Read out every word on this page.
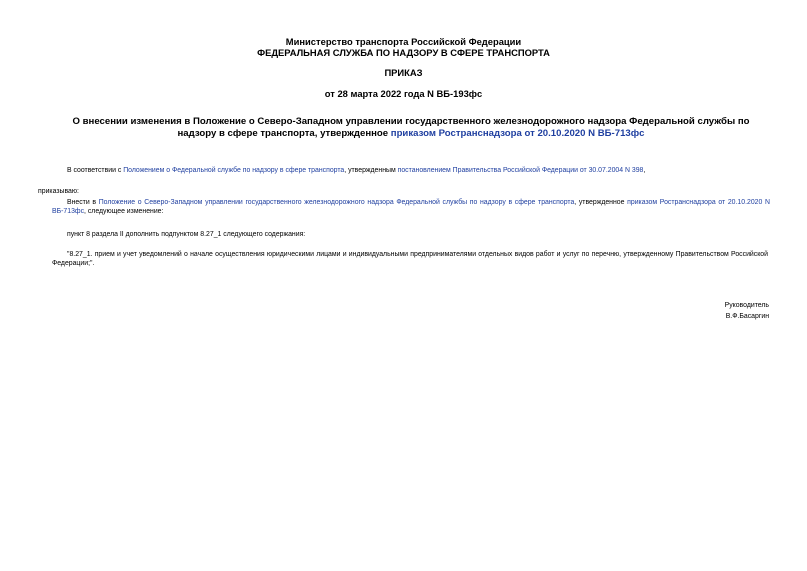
Министерство транспорта Российской Федерации
ФЕДЕРАЛЬНАЯ СЛУЖБА ПО НАДЗОРУ В СФЕРЕ ТРАНСПОРТА
ПРИКАЗ
от 28 марта 2022 года N ВБ-193фс
О внесении изменения в Положение о Северо-Западном управлении государственного железнодорожного надзора Федеральной службы по надзору в сфере транспорта, утвержденное приказом Ространснадзора от 20.10.2020 N ВБ-713фс

В соответствии с Положением о Федеральной службе по надзору в сфере транспорта, утвержденным постановлением Правительства Российской Федерации от 30.07.2004 N 398,

приказываю:

Внести в Положение о Северо-Западном управлении государственного железнодорожного надзора Федеральной службы по надзору в сфере транспорта, утвержденное приказом Ространснадзора от 20.10.2020 N ВБ-713фс, следующее изменение:

пункт 8 раздела II дополнить подпунктом 8.27_1 следующего содержания:

"8.27_1. прием и учет уведомлений о начале осуществления юридическими лицами и индивидуальными предпринимателями отдельных видов работ и услуг по перечню, утвержденному Правительством Российской Федерации;".

Руководитель
В.Ф.Басаргин
